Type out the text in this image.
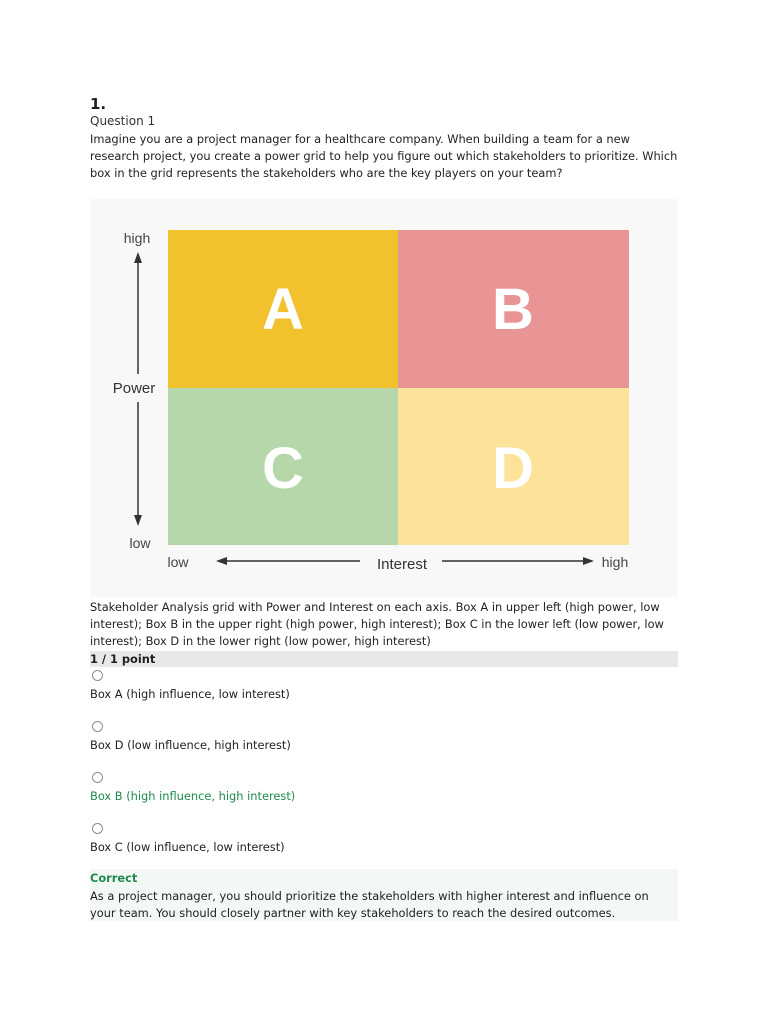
1.
Question 1
Imagine you are a project manager for a healthcare company. When building a team for a new research project, you create a power grid to help you figure out which stakeholders to prioritize. Which box in the grid represents the stakeholders who are the key players on your team?
A	B
C	D
high
Power
low
low	Interest	high
Stakeholder Analysis grid with Power and Interest on each axis. Box A in upper left (high power, low interest); Box B in the upper right (high power, high interest); Box C in the lower left (low power, low interest); Box D in the lower right (low power, high interest)
1 / 1 point
Box A (high influence, low interest)
Box D (low influence, high interest)
Box B (high influence, high interest)
Box C (low influence, low interest)
Correct
As a project manager, you should prioritize the stakeholders with higher interest and influence on your team. You should closely partner with key stakeholders to reach the desired outcomes.
